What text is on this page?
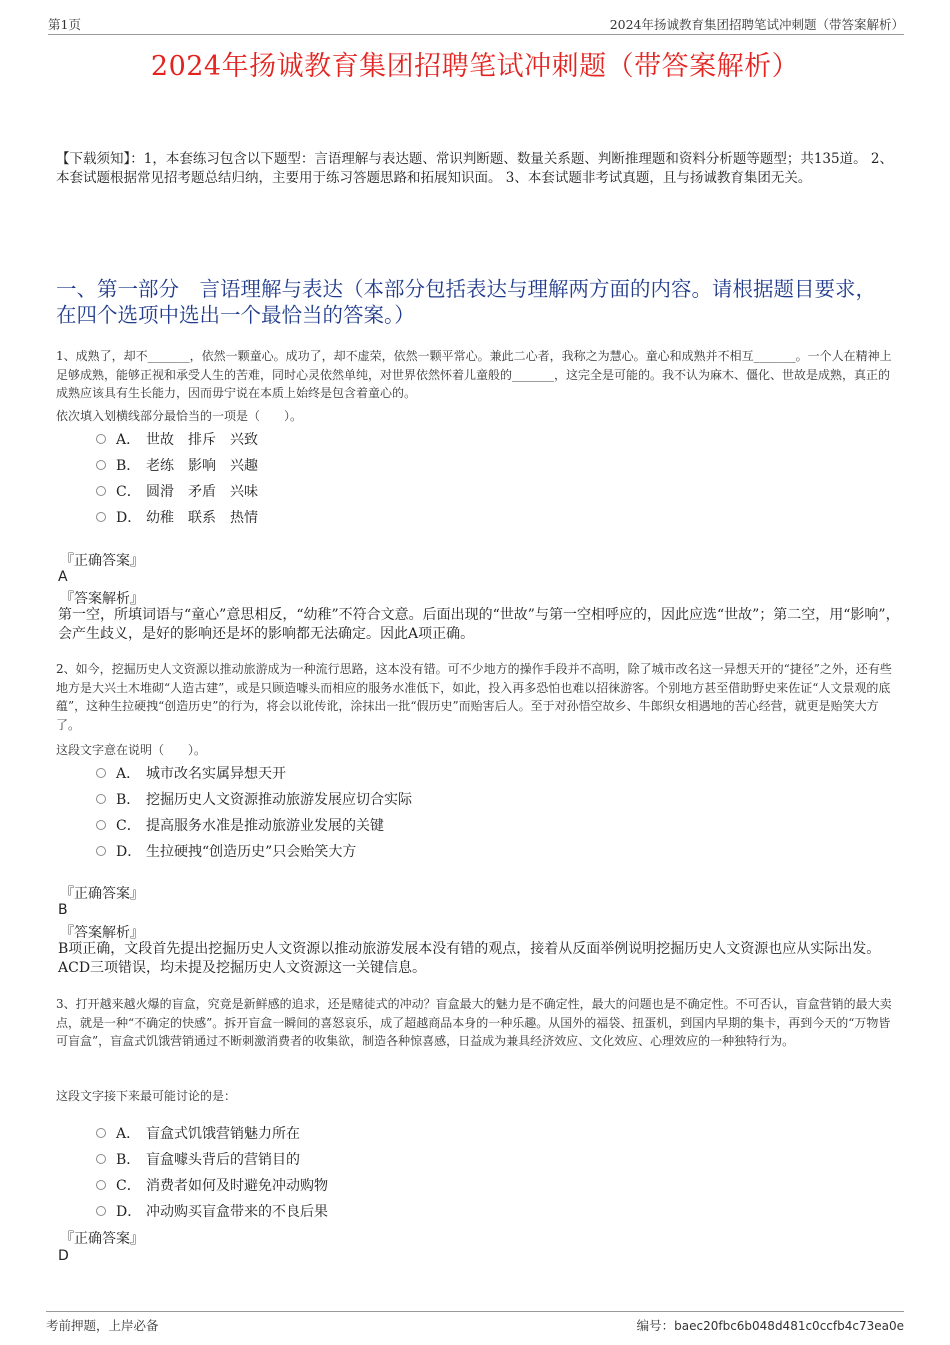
第1页	2024年扬诚教育集团招聘笔试冲刺题（带答案解析）
2024年扬诚教育集团招聘笔试冲刺题（带答案解析）
【下载须知】：1，本套练习包含以下题型：言语理解与表达题、常识判断题、数量关系题、判断推理题和资料分析题等题型；共135道。 2、本套试题根据常见招考题总结归纳，主要用于练习答题思路和拓展知识面。 3、本套试题非考试真题，且与扬诚教育集团无关。
一、第一部分　言语理解与表达（本部分包括表达与理解两方面的内容。请根据题目要求，在四个选项中选出一个最恰当的答案。）
1、成熟了，却不_______，依然一颗童心。成功了，却不虚荣，依然一颗平常心。兼此二心者，我称之为慧心。童心和成熟并不相互_______。一个人在精神上足够成熟，能够正视和承受人生的苦难，同时心灵依然单纯，对世界依然怀着儿童般的_______，这完全是可能的。我不认为麻木、僵化、世故是成熟，真正的成熟应该具有生长能力，因而毋宁说在本质上始终是包含着童心的。
依次填入划横线部分最恰当的一项是（　　）。
A． 世故　排斥　兴致
B． 老练　影响　兴趣
C． 圆滑　矛盾　兴味
D． 幼稚　联系　热情
『正确答案』
A
『答案解析』
第一空，所填词语与“童心”意思相反，“幼稚”不符合文意。后面出现的“世故”与第一空相呼应的，因此应选“世故”；第二空，用“影响”，会产生歧义，是好的影响还是坏的影响都无法确定。因此A项正确。
2、如今，挖掘历史人文资源以推动旅游成为一种流行思路，这本没有错。可不少地方的操作手段并不高明，除了城市改名这一异想天开的“捷径”之外，还有些地方是大兴土木堆砌“人造古建”，或是只顾造噱头而相应的服务水准低下，如此，投入再多恐怕也难以招徕游客。个别地方甚至借助野史来佐证“人文景观的底蕴”，这种生拉硬拽“创造历史”的行为，将会以讹传讹，涂抹出一批“假历史”而贻害后人。至于对孙悟空故乡、牛郎织女相遇地的苦心经营，就更是贻笑大方了。
这段文字意在说明（　　）。
A． 城市改名实属异想天开
B． 挖掘历史人文资源推动旅游发展应切合实际
C． 提高服务水准是推动旅游业发展的关键
D． 生拉硬拽“创造历史”只会贻笑大方
『正确答案』
B
『答案解析』
B项正确，文段首先提出挖掘历史人文资源以推动旅游发展本没有错的观点，接着从反面举例说明挖掘历史人文资源也应从实际出发。ACD三项错误，均未提及挖掘历史人文资源这一关键信息。
3、打开越来越火爆的盲盒，究竟是新鲜感的追求，还是赌徒式的冲动？盲盒最大的魅力是不确定性，最大的问题也是不确定性。不可否认，盲盒营销的最大卖点，就是一种“不确定的快感”。拆开盲盒一瞬间的喜怒哀乐，成了超越商品本身的一种乐趣。从国外的福袋、扭蛋机，到国内早期的集卡，再到今天的“万物皆可盲盒”，盲盒式饥饿营销通过不断刺激消费者的收集欲，制造各种惊喜感，日益成为兼具经济效应、文化效应、心理效应的一种独特行为。
这段文字接下来最可能讨论的是：
A． 盲盒式饥饿营销魅力所在
B． 盲盒噱头背后的营销目的
C． 消费者如何及时避免冲动购物
D． 冲动购买盲盒带来的不良后果
『正确答案』
D
考前押题，上岸必备	编号：baec20fbc6b048d481c0ccfb4c73ea0e
